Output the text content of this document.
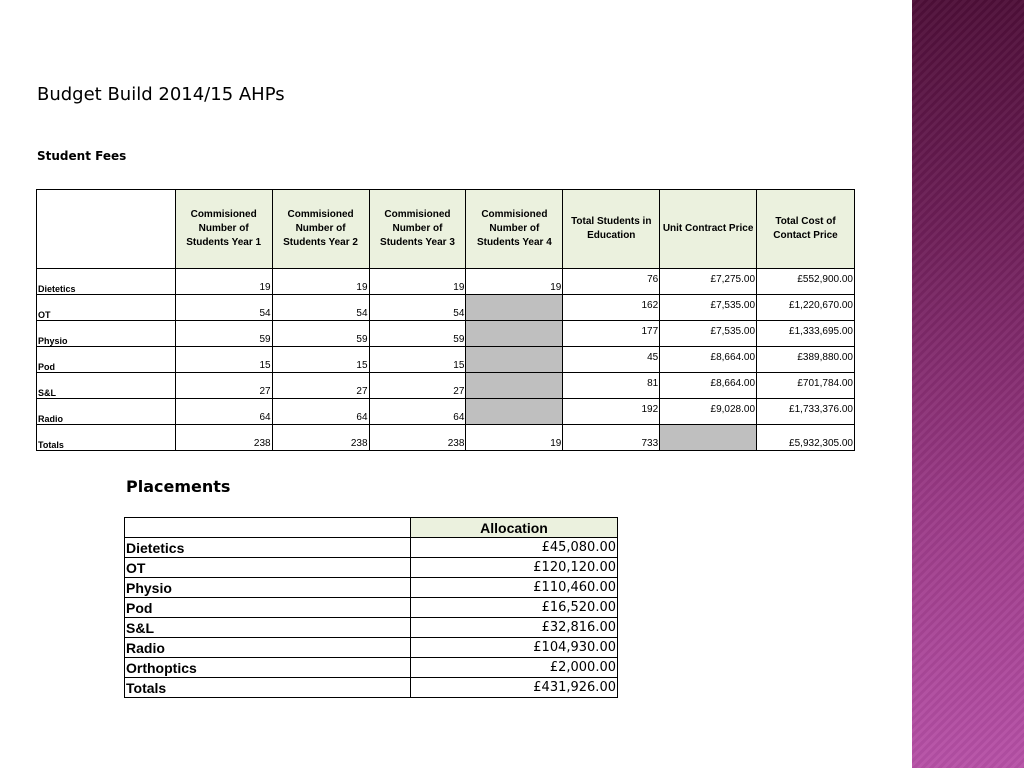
Budget Build 2014/15 AHPs
Student Fees
	Commisioned Number of Students Year 1	Commisioned Number of Students Year 2	Commisioned Number of Students Year 3	Commisioned Number of Students Year 4	Total Students in Education	Unit Contract Price	Total Cost of Contact Price
Dietetics	19	19	19	19	76	£7,275.00	£552,900.00
OT	54	54	54		162	£7,535.00	£1,220,670.00
Physio	59	59	59		177	£7,535.00	£1,333,695.00
Pod	15	15	15		45	£8,664.00	£389,880.00
S&L	27	27	27		81	£8,664.00	£701,784.00
Radio	64	64	64		192	£9,028.00	£1,733,376.00
Totals	238	238	238	19	733		£5,932,305.00
Placements
	Allocation
Dietetics	£45,080.00
OT	£120,120.00
Physio	£110,460.00
Pod	£16,520.00
S&L	£32,816.00
Radio	£104,930.00
Orthoptics	£2,000.00
Totals	£431,926.00
